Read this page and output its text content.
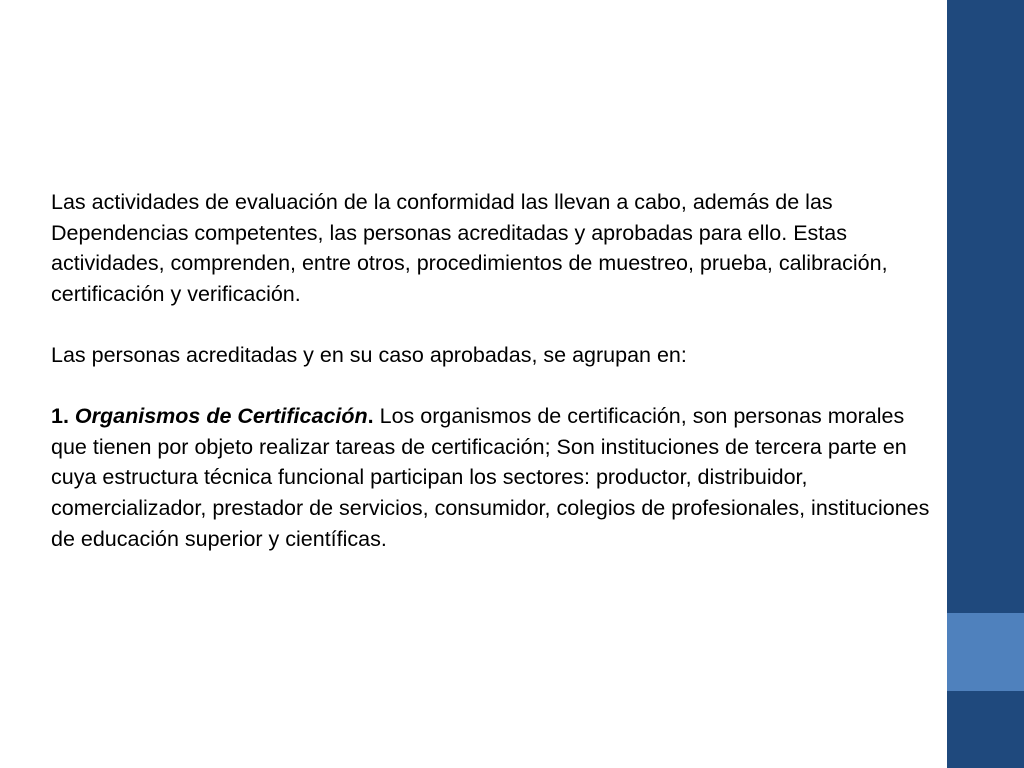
Las actividades de evaluación de la conformidad las llevan a cabo, además de las Dependencias competentes, las personas acreditadas y aprobadas para ello. Estas actividades, comprenden, entre otros, procedimientos de muestreo, prueba, calibración, certificación y verificación.

Las personas acreditadas y en su caso aprobadas, se agrupan en:

1. Organismos de Certificación. Los organismos de certificación, son personas morales que tienen por objeto realizar tareas de certificación; Son instituciones de tercera parte en cuya estructura técnica funcional participan los sectores: productor, distribuidor, comercializador, prestador de servicios, consumidor, colegios de profesionales, instituciones de educación superior y científicas.
